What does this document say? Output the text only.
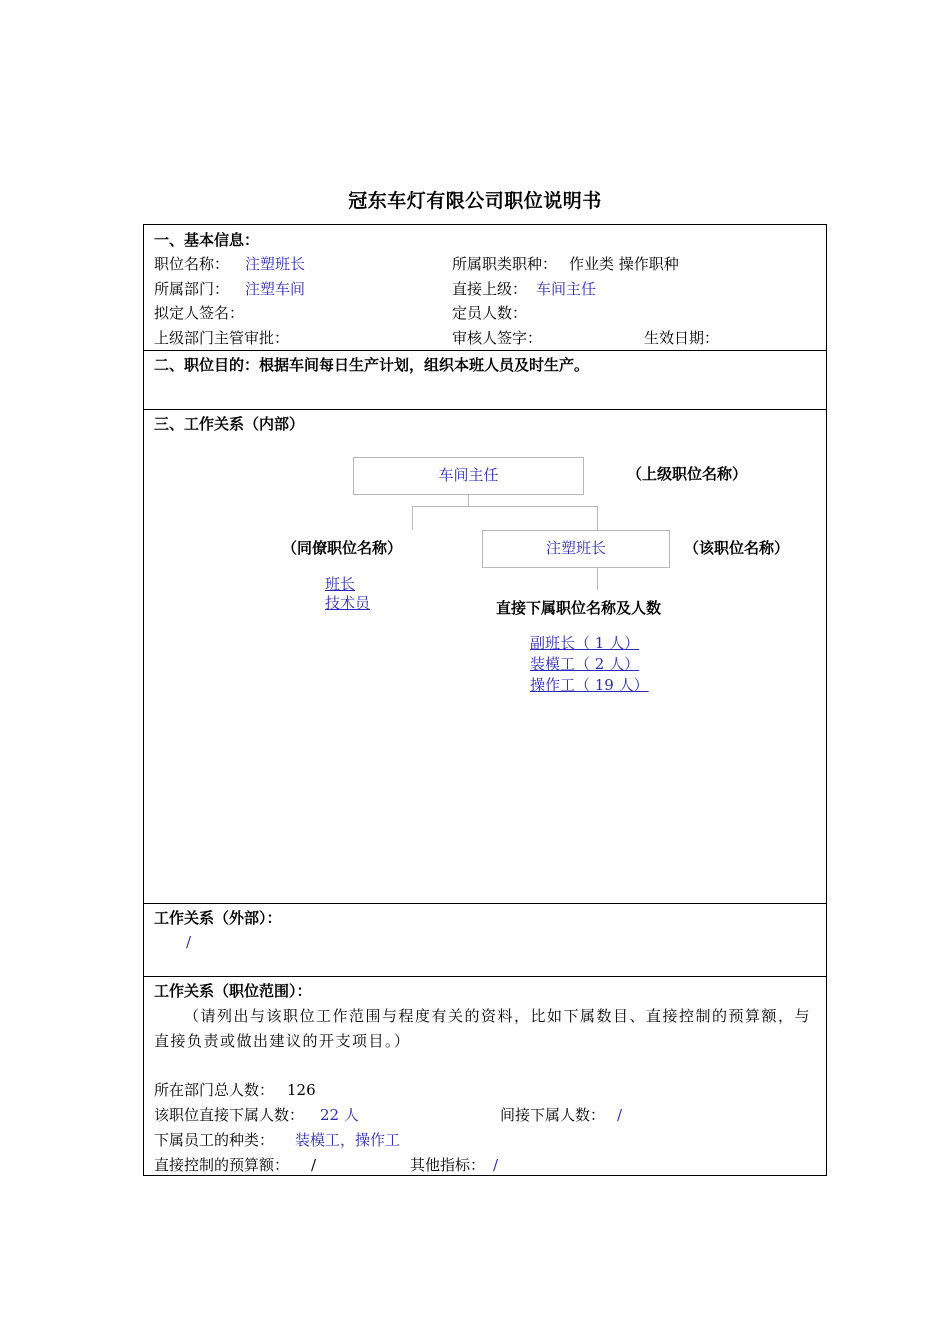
冠东车灯有限公司职位说明书
一、基本信息：
职位名称： 注塑班长	所属职类职种： 作业类 操作职种
所属部门： 注塑车间	直接上级： 车间主任
拟定人签名：	定员人数：
上级部门主管审批：	审核人签字：	生效日期：
二、职位目的：根据车间每日生产计划，组织本班人员及时生产。
三、工作关系（内部）
车间主任	（上级职位名称）
注塑班长
（同僚职位名称）	（该职位名称）
班长
技术员	直接下属职位名称及人数
副班长（ 1 人）
装模工（ 2 人）
操作工（ 19 人）
工作关系（外部）：
/
工作关系（职位范围）：
（请列出与该职位工作范围与程度有关的资料，比如下属数目、直接控制的预算额，与直接负责或做出建议的开支项目。）
所在部门总人数： 126
该职位直接下属人数： 22 人	间接下属人数： /
下属员工的种类： 装模工，操作工
直接控制的预算额： /	其他指标： /
